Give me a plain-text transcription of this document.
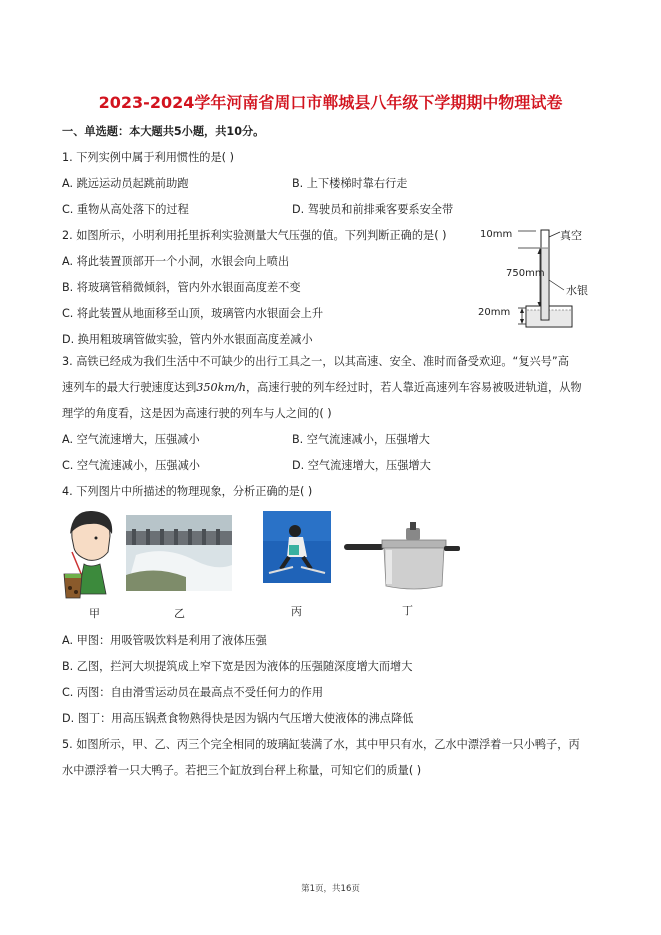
2023-2024学年河南省周口市郸城县八年级下学期期中物理试卷
一、单选题：本大题共5小题，共10分。
1. 下列实例中属于利用惯性的是( )
A. 跳远运动员起跳前助跑	B. 上下楼梯时靠右行走
C. 重物从高处落下的过程	D. 驾驶员和前排乘客要系安全带
2. 如图所示，小明利用托里拆利实验测量大气压强的值。下列判断正确的是( )
A. 将此装置顶部开一个小洞，水银会向上喷出
B. 将玻璃管稍微倾斜，管内外水银面高度差不变
C. 将此装置从地面移至山顶，玻璃管内水银面会上升
D. 换用粗玻璃管做实验，管内外水银面高度差减小
10mm	真空
750mm
水银
20mm
3. 高铁已经成为我们生活中不可缺少的出行工具之一，以其高速、安全、准时而备受欢迎。“复兴号”高
速列车的最大行驶速度达到350km/h，高速行驶的列车经过时，若人靠近高速列车容易被吸进轨道，从物
理学的角度看，这是因为高速行驶的列车与人之间的( )
A. 空气流速增大，压强减小	B. 空气流速减小，压强增大
C. 空气流速减小，压强减小	D. 空气流速增大，压强增大
4. 下列图片中所描述的物理现象，分析正确的是( )
甲	乙	丙	丁
A. 甲图：用吸管吸饮料是利用了液体压强
B. 乙图，拦河大坝提筑成上窄下宽是因为液体的压强随深度增大而增大
C. 丙图：自由滑雪运动员在最高点不受任何力的作用
D. 图丁：用高压锅煮食物熟得快是因为锅内气压增大使液体的沸点降低
5. 如图所示，甲、乙、丙三个完全相同的玻璃缸装满了水，其中甲只有水，乙水中漂浮着一只小鸭子，丙
水中漂浮着一只大鸭子。若把三个缸放到台秤上称量，可知它们的质量( )
第1页，共16页
